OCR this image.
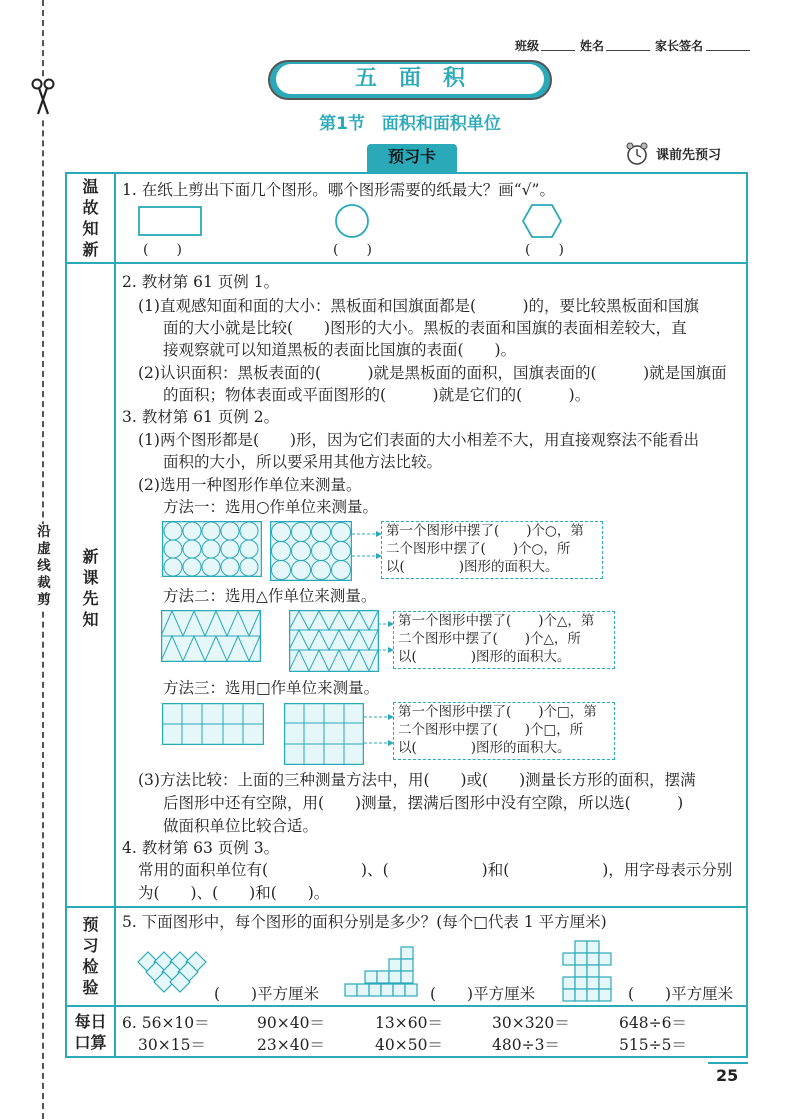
班级	姓名	家长签名
五　面　积
第1节　面积和面积单位
预习卡	课前先预习
沿
虚
线
裁
剪
温
故
知
新
新
课
先
知
预
习
检
验
每日
口算
1. 在纸上剪出下面几个图形。哪个图形需要的纸最大？画“√”。
(　　)	(　　)	(　　)
2. 教材第 61 页例 1。
(1)直观感知面和面的大小：黑板面和国旗面都是(　　　)的，要比较黑板面和国旗
面的大小就是比较(　　)图形的大小。黑板的表面和国旗的表面相差较大，直
接观察就可以知道黑板的表面比国旗的表面(　　)。
(2)认识面积：黑板表面的(　　　)就是黑板面的面积，国旗表面的(　　　)就是国旗面
的面积；物体表面或平面图形的(　　　)就是它们的(　　　)。
3. 教材第 61 页例 2。
(1)两个图形都是(　　)形，因为它们表面的大小相差不大，用直接观察法不能看出
面积的大小，所以要采用其他方法比较。
(2)选用一种图形作单位来测量。
方法一：选用○作单位来测量。
第一个图形中摆了(　　)个○，第
二个图形中摆了(　　)个○，所
以(　　　　)图形的面积大。
方法二：选用△作单位来测量。
第一个图形中摆了(　　)个△，第
二个图形中摆了(　　)个△，所
以(　　　　)图形的面积大。
方法三：选用□作单位来测量。
第一个图形中摆了(　　)个□，第
二个图形中摆了(　　)个□，所
以(　　　　)图形的面积大。
(3)方法比较：上面的三种测量方法中，用(　　)或(　　)测量长方形的面积，摆满
后图形中还有空隙，用(　　)测量，摆满后图形中没有空隙，所以选(　　　)
做面积单位比较合适。
4. 教材第 63 页例 3。
常用的面积单位有(　　　　　　)、(　　　　　　)和(　　　　　　)，用字母表示分别
为(　　)、(　　)和(　　)。
5. 下面图形中，每个图形的面积分别是多少？(每个□代表 1 平方厘米)
(　　)平方厘米	(　　)平方厘米	(　　)平方厘米
6. 56×10＝	90×40＝	13×60＝	30×320＝	648÷6＝
30×15＝	23×40＝	40×50＝	480÷3＝	515÷5＝
25
